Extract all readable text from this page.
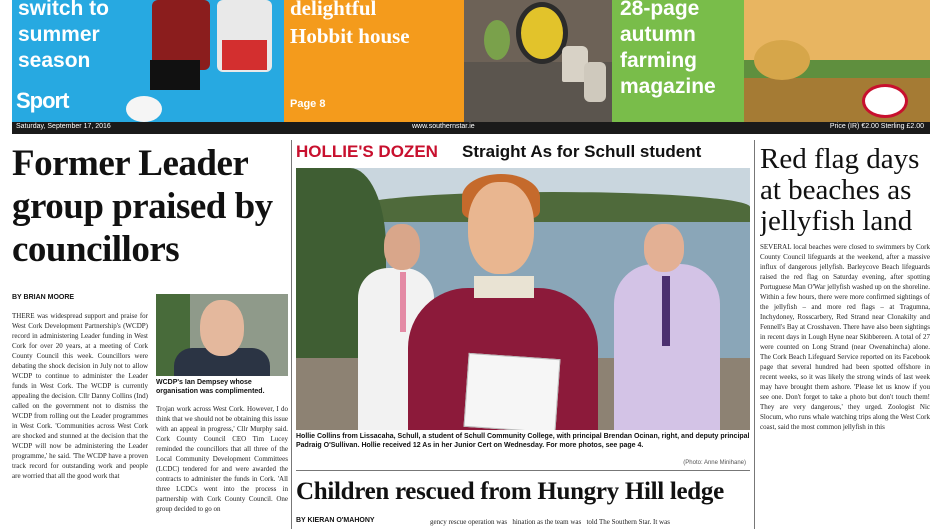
switch to
summer
season
Sport
delightful
Hobbit house
Page 8
28-page
autumn
farming
magazine
Saturday, September 17, 2016	www.southernstar.ie	Price (IR) €2.00 Sterling £2.00
Former Leader group praised by councillors
BY BRIAN MOORE
THERE was widespread support and praise for West Cork Development Partnership's (WCDP) record in administering Leader funding in West Cork for over 20 years, at a meeting of Cork County Council this week. Councillors were debating the shock decision in July not to allow WCDP to continue to administer the Leader funds in West Cork. The WCDP is currently appealing the decision. Cllr Danny Collins (Ind) called on the government not to dismiss the WCDP from rolling out the Leader programmes in West Cork. 'Communities across West Cork are shocked and stunned at the decision that the WCDP will now be administering the Leader programme,' he said. 'The WCDP have a proven track record for outstanding work and people are worried that all the good work that
WCDP's Ian Dempsey whose organisation was complimented.
Trojan work across West Cork. However, I do think that we should not be obtaining this issue with an appeal in progress,' Cllr Murphy said. Cork County Council CEO Tim Lucey reminded the councillors that all three of the Local Community Development Committees (LCDC) tendered for and were awarded the contracts to administer the funds in Cork. 'All three LCDCs went into the process in partnership with Cork County Council. One group decided to go on
HOLLIE'S DOZEN Straight As for Schull student
Hollie Collins from Lissacaha, Schull, a student of Schull Community College, with principal Brendan Ocinan, right, and deputy principal Padraig O'Sullivan. Hollie received 12 As in her Junior Cert on Wednesday. For more photos, see page 4.
(Photo: Anne Minihane)
Children rescued from Hungry Hill ledge
BY KIERAN O'MAHONY	gency rescue operation was   hination as the team was   told The Southern Star. It was
Red flag days at beaches as jellyfish land
SEVERAL local beaches were closed to swimmers by Cork County Council lifeguards at the weekend, after a massive influx of dangerous jellyfish. Barleycove Beach lifeguards raised the red flag on Saturday evening, after spotting Portuguese Man O'War jellyfish washed up on the shoreline. Within a few hours, there were more confirmed sightings of the jellyfish – and more red flags – at Tragumna, Inchydoney, Rosscarbery, Red Strand near Clonakilty and Fennell's Bay at Crosshaven. There have also been sightings in recent days in Lough Hyne near Skibbereen. A total of 27 were counted on Long Strand (near Owenahincha) alone. The Cork Beach Lifeguard Service reported on its Facebook page that several hundred had been spotted offshore in recent weeks, so it was likely the strong winds of last week may have brought them ashore. 'Please let us know if you see one. Don't forget to take a photo but don't touch them! They are very dangerous,' they urged. Zoologist Nic Slocum, who runs whale watching trips along the West Cork coast, said the most common jellyfish in this
